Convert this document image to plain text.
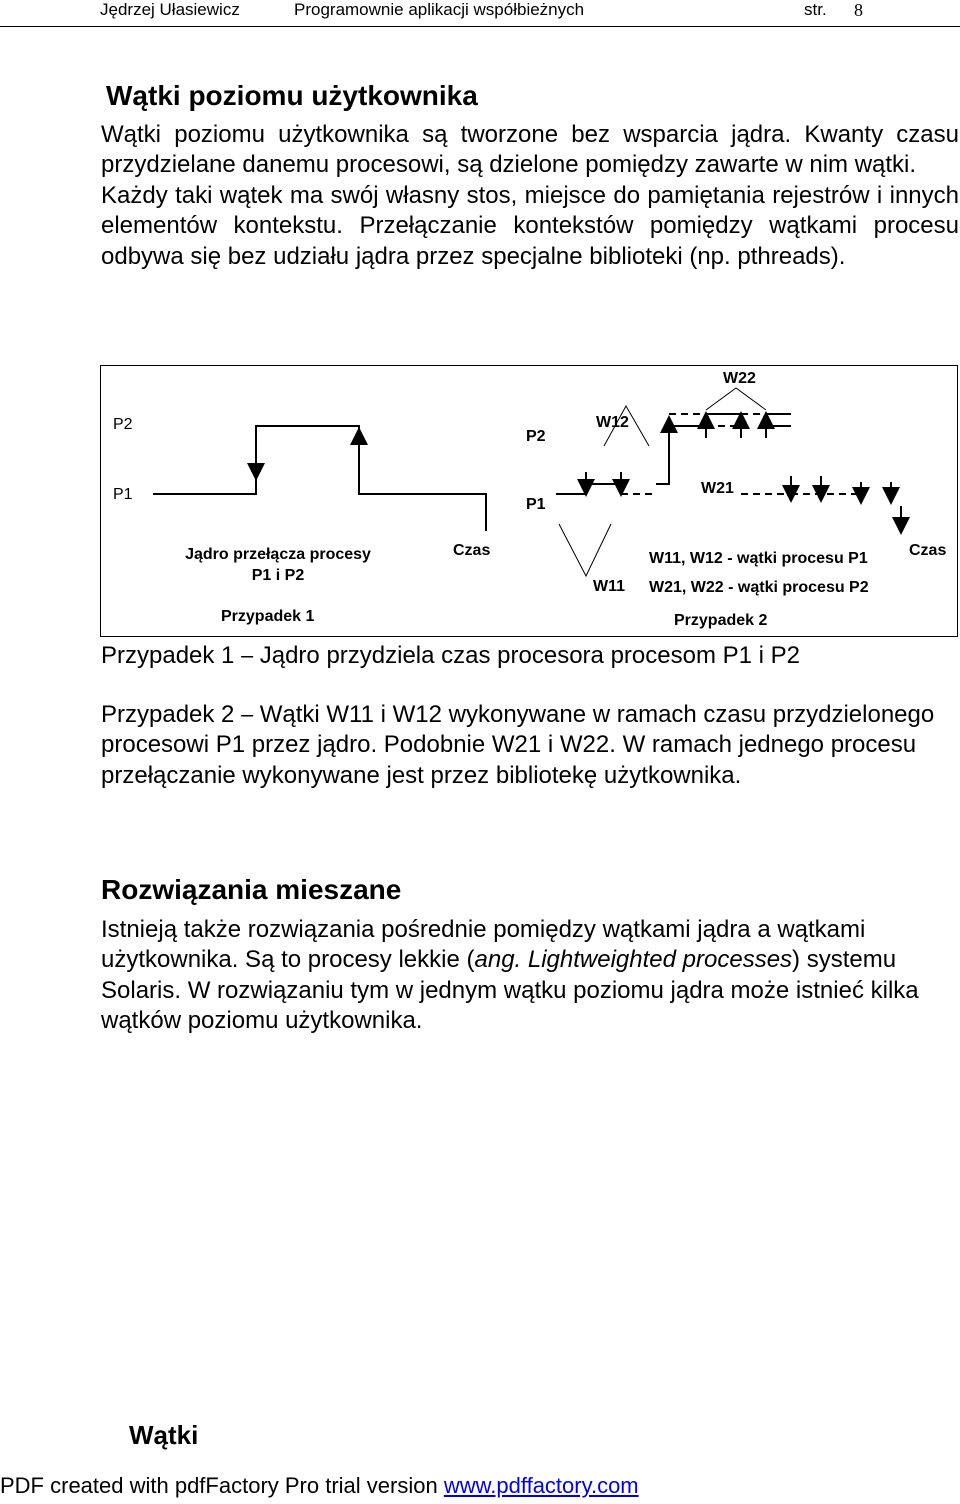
Jędrzej Ułasiewicz	Programownie aplikacji współbieżnych	str. 8
Wątki poziomu użytkownika

Wątki poziomu użytkownika są tworzone bez wsparcia jądra. Kwanty czasu przydzielane danemu procesowi, są dzielone pomiędzy zawarte w nim wątki.

Każdy taki wątek ma swój własny stos, miejsce do pamiętania rejestrów i innych elementów kontekstu. Przełączanie kontekstów pomiędzy wątkami procesu odbywa się bez udziału jądra przez specjalne biblioteki (np. pthreads).

P2
P1
Czas
Jądro przełącza procesy
P1 i P2
Przypadek 1
W22
P2
W12
P1
W21
W11
Czas
W11, W12 - wątki procesu P1
W21, W22 - wątki procesu P2
Przypadek 2

Przypadek 1 ⎯ Jądro przydziela czas procesora procesom P1 i P2

Przypadek 2 ⎯ Wątki W11 i W12 wykonywane w ramach czasu przydzielonego procesowi P1 przez jądro. Podobnie W21 i W22. W ramach jednego procesu przełączanie wykonywane jest przez bibliotekę użytkownika.

Rozwiązania mieszane

Istnieją także rozwiązania pośrednie pomiędzy wątkami jądra a wątkami użytkownika. Są to procesy lekkie (ang. Lightweighted processes) systemu Solaris. W rozwiązaniu tym w jednym wątku poziomu jądra może istnieć kilka wątków poziomu użytkownika.

Wątki
PDF created with pdfFactory Pro trial version www.pdffactory.com
